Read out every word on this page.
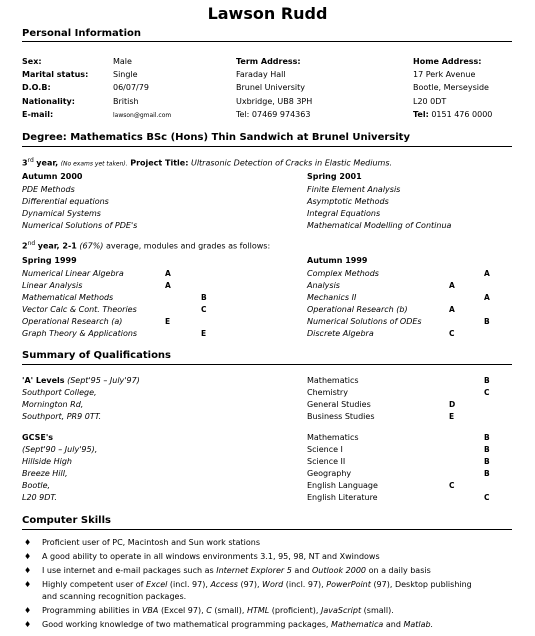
Lawson Rudd
Personal Information
Sex:
Marital status:
D.O.B:
Nationality:
E-mail:
Male
Single
06/07/79
British
lawson@gmail.com
Term Address:
Faraday Hall
Brunel University
Uxbridge, UB8 3PH
Tel: 07469 974363
Home Address:
17 Perk Avenue
Bootle, Merseyside
L20 0DT
Tel: 0151 476 0000
Degree: Mathematics BSc (Hons) Thin Sandwich at Brunel University
3rd year, (No exams yet taken). Project Title: Ultrasonic Detection of Cracks in Elastic Mediums.
Autumn 2000
PDE Methods
Differential equations
Dynamical Systems
Numerical Solutions of PDE's
Spring 2001
Finite Element Analysis
Asymptotic Methods
Integral Equations
Mathematical Modelling of Continua
2nd year, 2-1 (67%) average, modules and grades as follows:
Spring 1999
Numerical Linear Algebra
Linear Analysis
Mathematical Methods
Vector Calc & Cont. Theories
Operational Research (a)
Graph Theory & Applications
A
A
B
C
E
E
Autumn 1999
Complex Methods
Analysis
Mechanics II
Operational Research (b)
Numerical Solutions of ODEs
Discrete Algebra
A
A
A
A
B
C
Summary of Qualifications
'A' Levels (Sept'95 – July'97)
Southport College,
Mornington Rd,
Southport, PR9 0TT.
Mathematics
Chemistry
General Studies
Business Studies
B
C
D
E
GCSE's
(Sept'90 – July'95),
Hillside High
Breeze Hill,
Bootle,
L20 9DT.
Mathematics
Science I
Science II
Geography
English Language
English Literature
B
B
B
B
C
C
Computer Skills
♦ Proficient user of PC, Macintosh and Sun work stations
♦ A good ability to operate in all windows environments 3.1, 95, 98, NT and Xwindows
♦ I use internet and e-mail packages such as Internet Explorer 5 and Outlook 2000 on a daily basis
♦ Highly competent user of Excel (incl. 97), Access (97), Word (incl. 97), PowerPoint (97), Desktop publishing
and scanning recognition packages.
♦ Programming abilities in VBA (Excel 97), C (small), HTML (proficient), JavaScript (small).
♦ Good working knowledge of two mathematical programming packages, Mathematica and Matlab.
